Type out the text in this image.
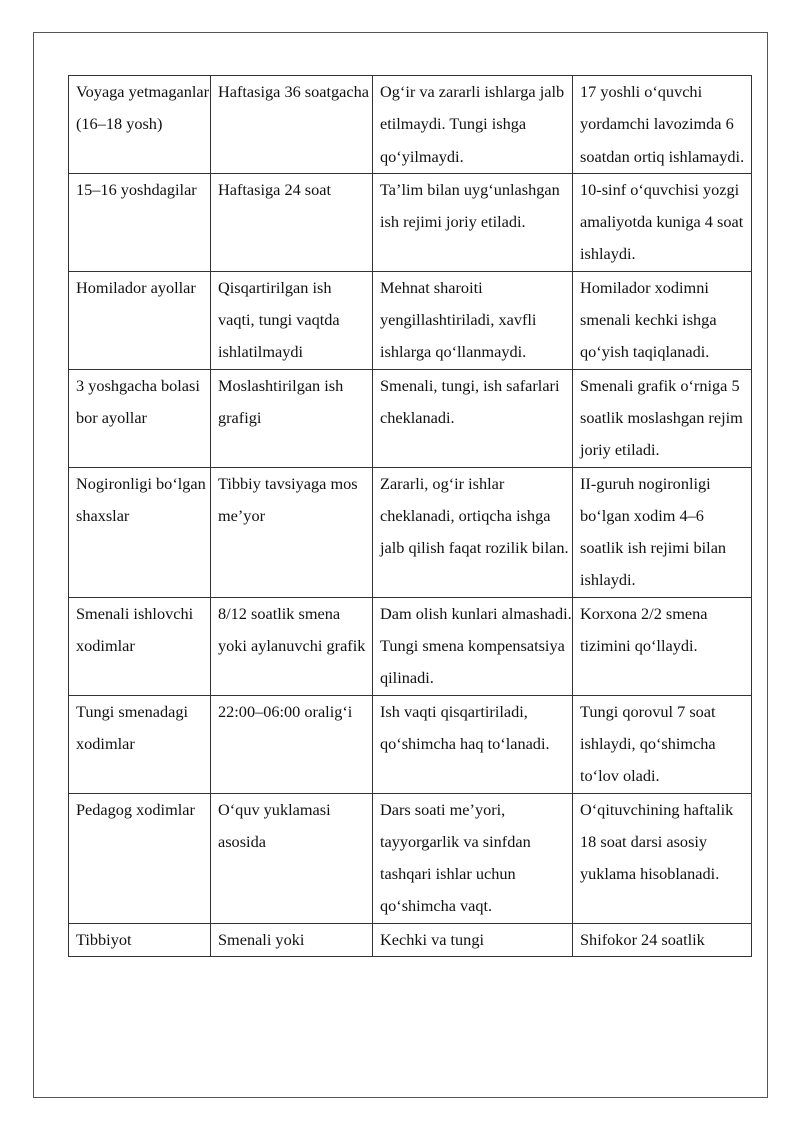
Voyaga yetmaganlar (16–18 yosh)	Haftasiga 36 soatgacha	Og‘ir va zararli ishlarga jalb etilmaydi. Tungi ishga qo‘yilmaydi.	17 yoshli o‘quvchi yordamchi lavozimda 6 soatdan ortiq ishlamaydi.
15–16 yoshdagilar	Haftasiga 24 soat	Ta’lim bilan uyg‘unlashgan ish rejimi joriy etiladi.	10-sinf o‘quvchisi yozgi amaliyotda kuniga 4 soat ishlaydi.
Homilador ayollar	Qisqartirilgan ish vaqti, tungi vaqtda ishlatilmaydi	Mehnat sharoiti yengillashtiriladi, xavfli ishlarga qo‘llanmaydi.	Homilador xodimni smenali kechki ishga qo‘yish taqiqlanadi.
3 yoshgacha bolasi bor ayollar	Moslashtirilgan ish grafigi	Smenali, tungi, ish safarlari cheklanadi.	Smenali grafik o‘rniga 5 soatlik moslashgan rejim joriy etiladi.
Nogironligi bo‘lgan shaxslar	Tibbiy tavsiyaga mos me’yor	Zararli, og‘ir ishlar cheklanadi, ortiqcha ishga jalb qilish faqat rozilik bilan.	II-guruh nogironligi bo‘lgan xodim 4–6 soatlik ish rejimi bilan ishlaydi.
Smenali ishlovchi xodimlar	8/12 soatlik smena yoki aylanuvchi grafik	Dam olish kunlari almashadi. Tungi smena kompensatsiya qilinadi.	Korxona 2/2 smena tizimini qo‘llaydi.
Tungi smenadagi xodimlar	22:00–06:00 oralig‘i	Ish vaqti qisqartiriladi, qo‘shimcha haq to‘lanadi.	Tungi qorovul 7 soat ishlaydi, qo‘shimcha to‘lov oladi.
Pedagog xodimlar	O‘quv yuklamasi asosida	Dars soati me’yori, tayyorgarlik va sinfdan tashqari ishlar uchun qo‘shimcha vaqt.	O‘qituvchining haftalik 18 soat darsi asosiy yuklama hisoblanadi.
Tibbiyot	Smenali yoki	Kechki va tungi	Shifokor 24 soatlik
